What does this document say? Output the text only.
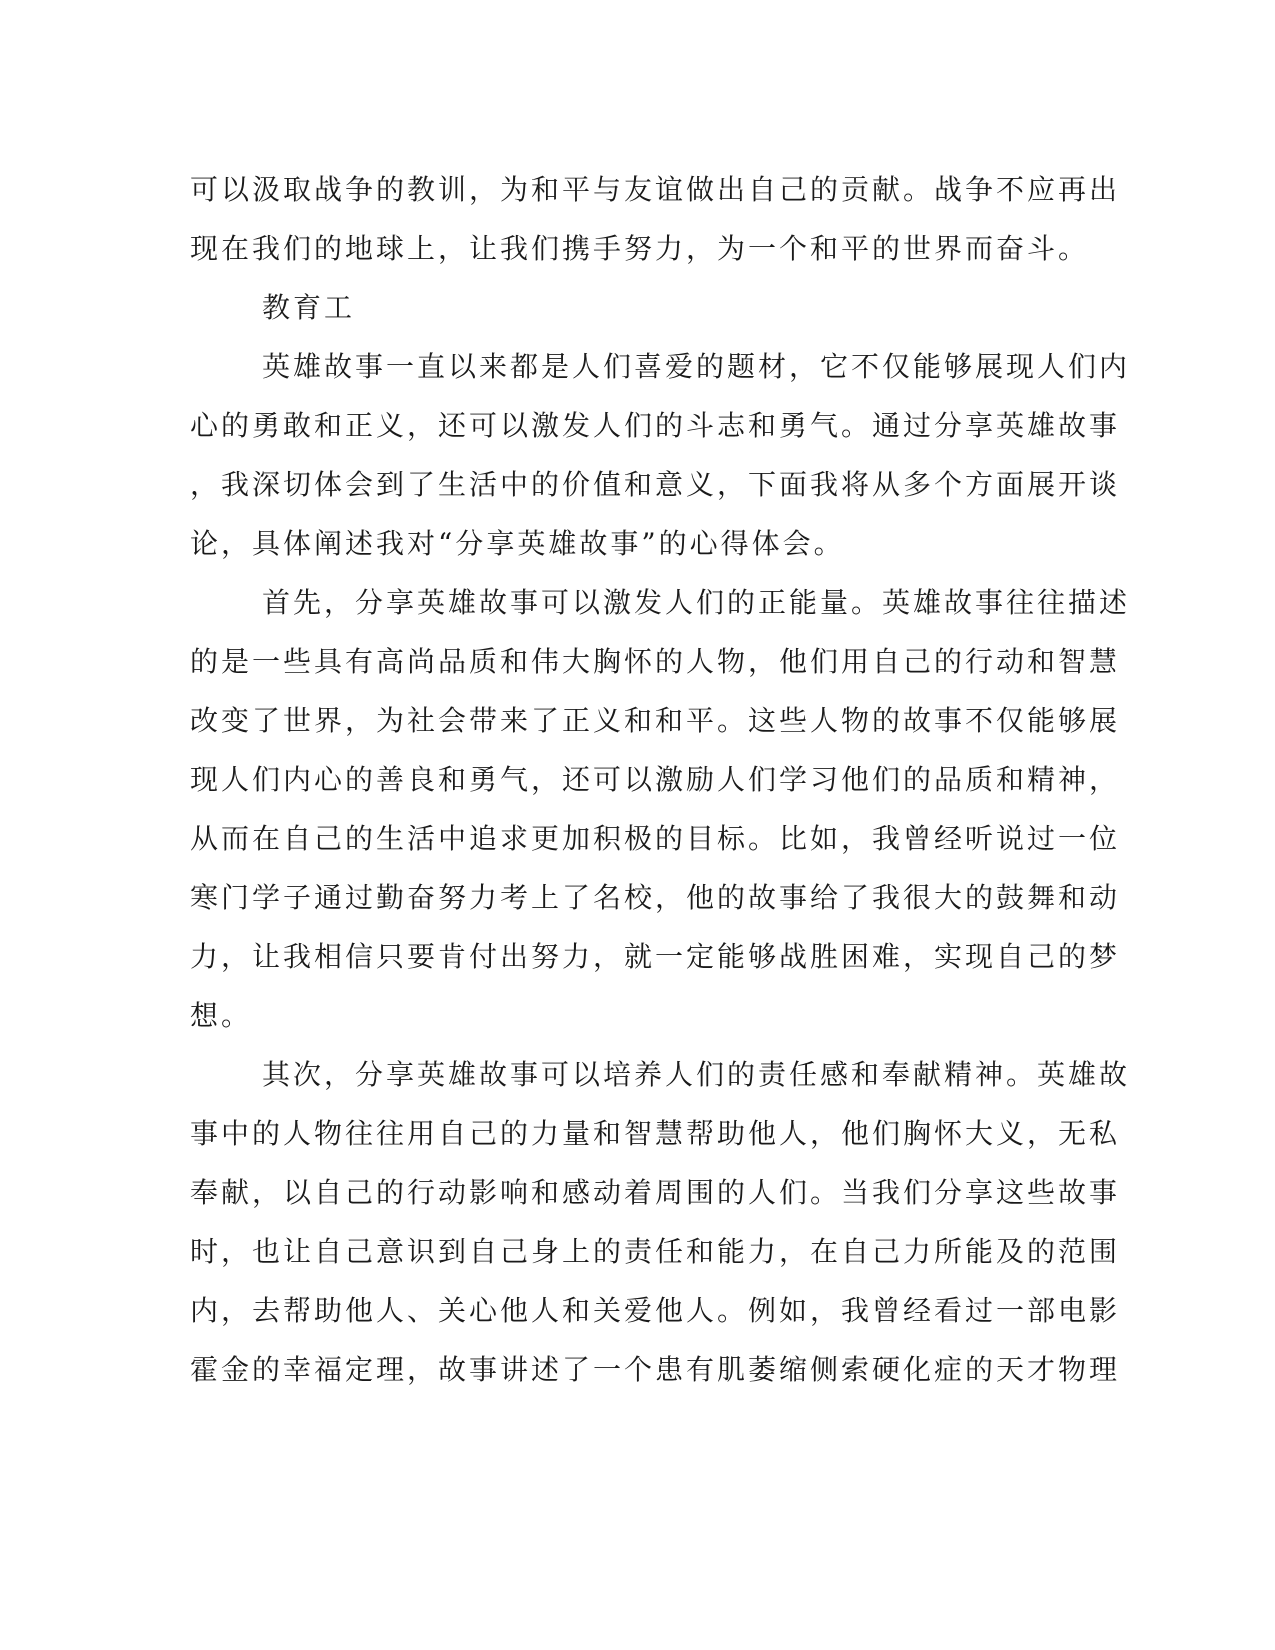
可以汲取战争的教训，为和平与友谊做出自己的贡献。战争不应再出
现在我们的地球上，让我们携手努力，为一个和平的世界而奋斗。
教育工
英雄故事一直以来都是人们喜爱的题材，它不仅能够展现人们内
心的勇敢和正义，还可以激发人们的斗志和勇气。通过分享英雄故事
，我深切体会到了生活中的价值和意义，下面我将从多个方面展开谈
论，具体阐述我对“分享英雄故事”的心得体会。
首先，分享英雄故事可以激发人们的正能量。英雄故事往往描述
的是一些具有高尚品质和伟大胸怀的人物，他们用自己的行动和智慧
改变了世界，为社会带来了正义和和平。这些人物的故事不仅能够展
现人们内心的善良和勇气，还可以激励人们学习他们的品质和精神，
从而在自己的生活中追求更加积极的目标。比如，我曾经听说过一位
寒门学子通过勤奋努力考上了名校，他的故事给了我很大的鼓舞和动
力，让我相信只要肯付出努力，就一定能够战胜困难，实现自己的梦
想。
其次，分享英雄故事可以培养人们的责任感和奉献精神。英雄故
事中的人物往往用自己的力量和智慧帮助他人，他们胸怀大义，无私
奉献，以自己的行动影响和感动着周围的人们。当我们分享这些故事
时，也让自己意识到自己身上的责任和能力，在自己力所能及的范围
内，去帮助他人、关心他人和关爱他人。例如，我曾经看过一部电影
霍金的幸福定理，故事讲述了一个患有肌萎缩侧索硬化症的天才物理
